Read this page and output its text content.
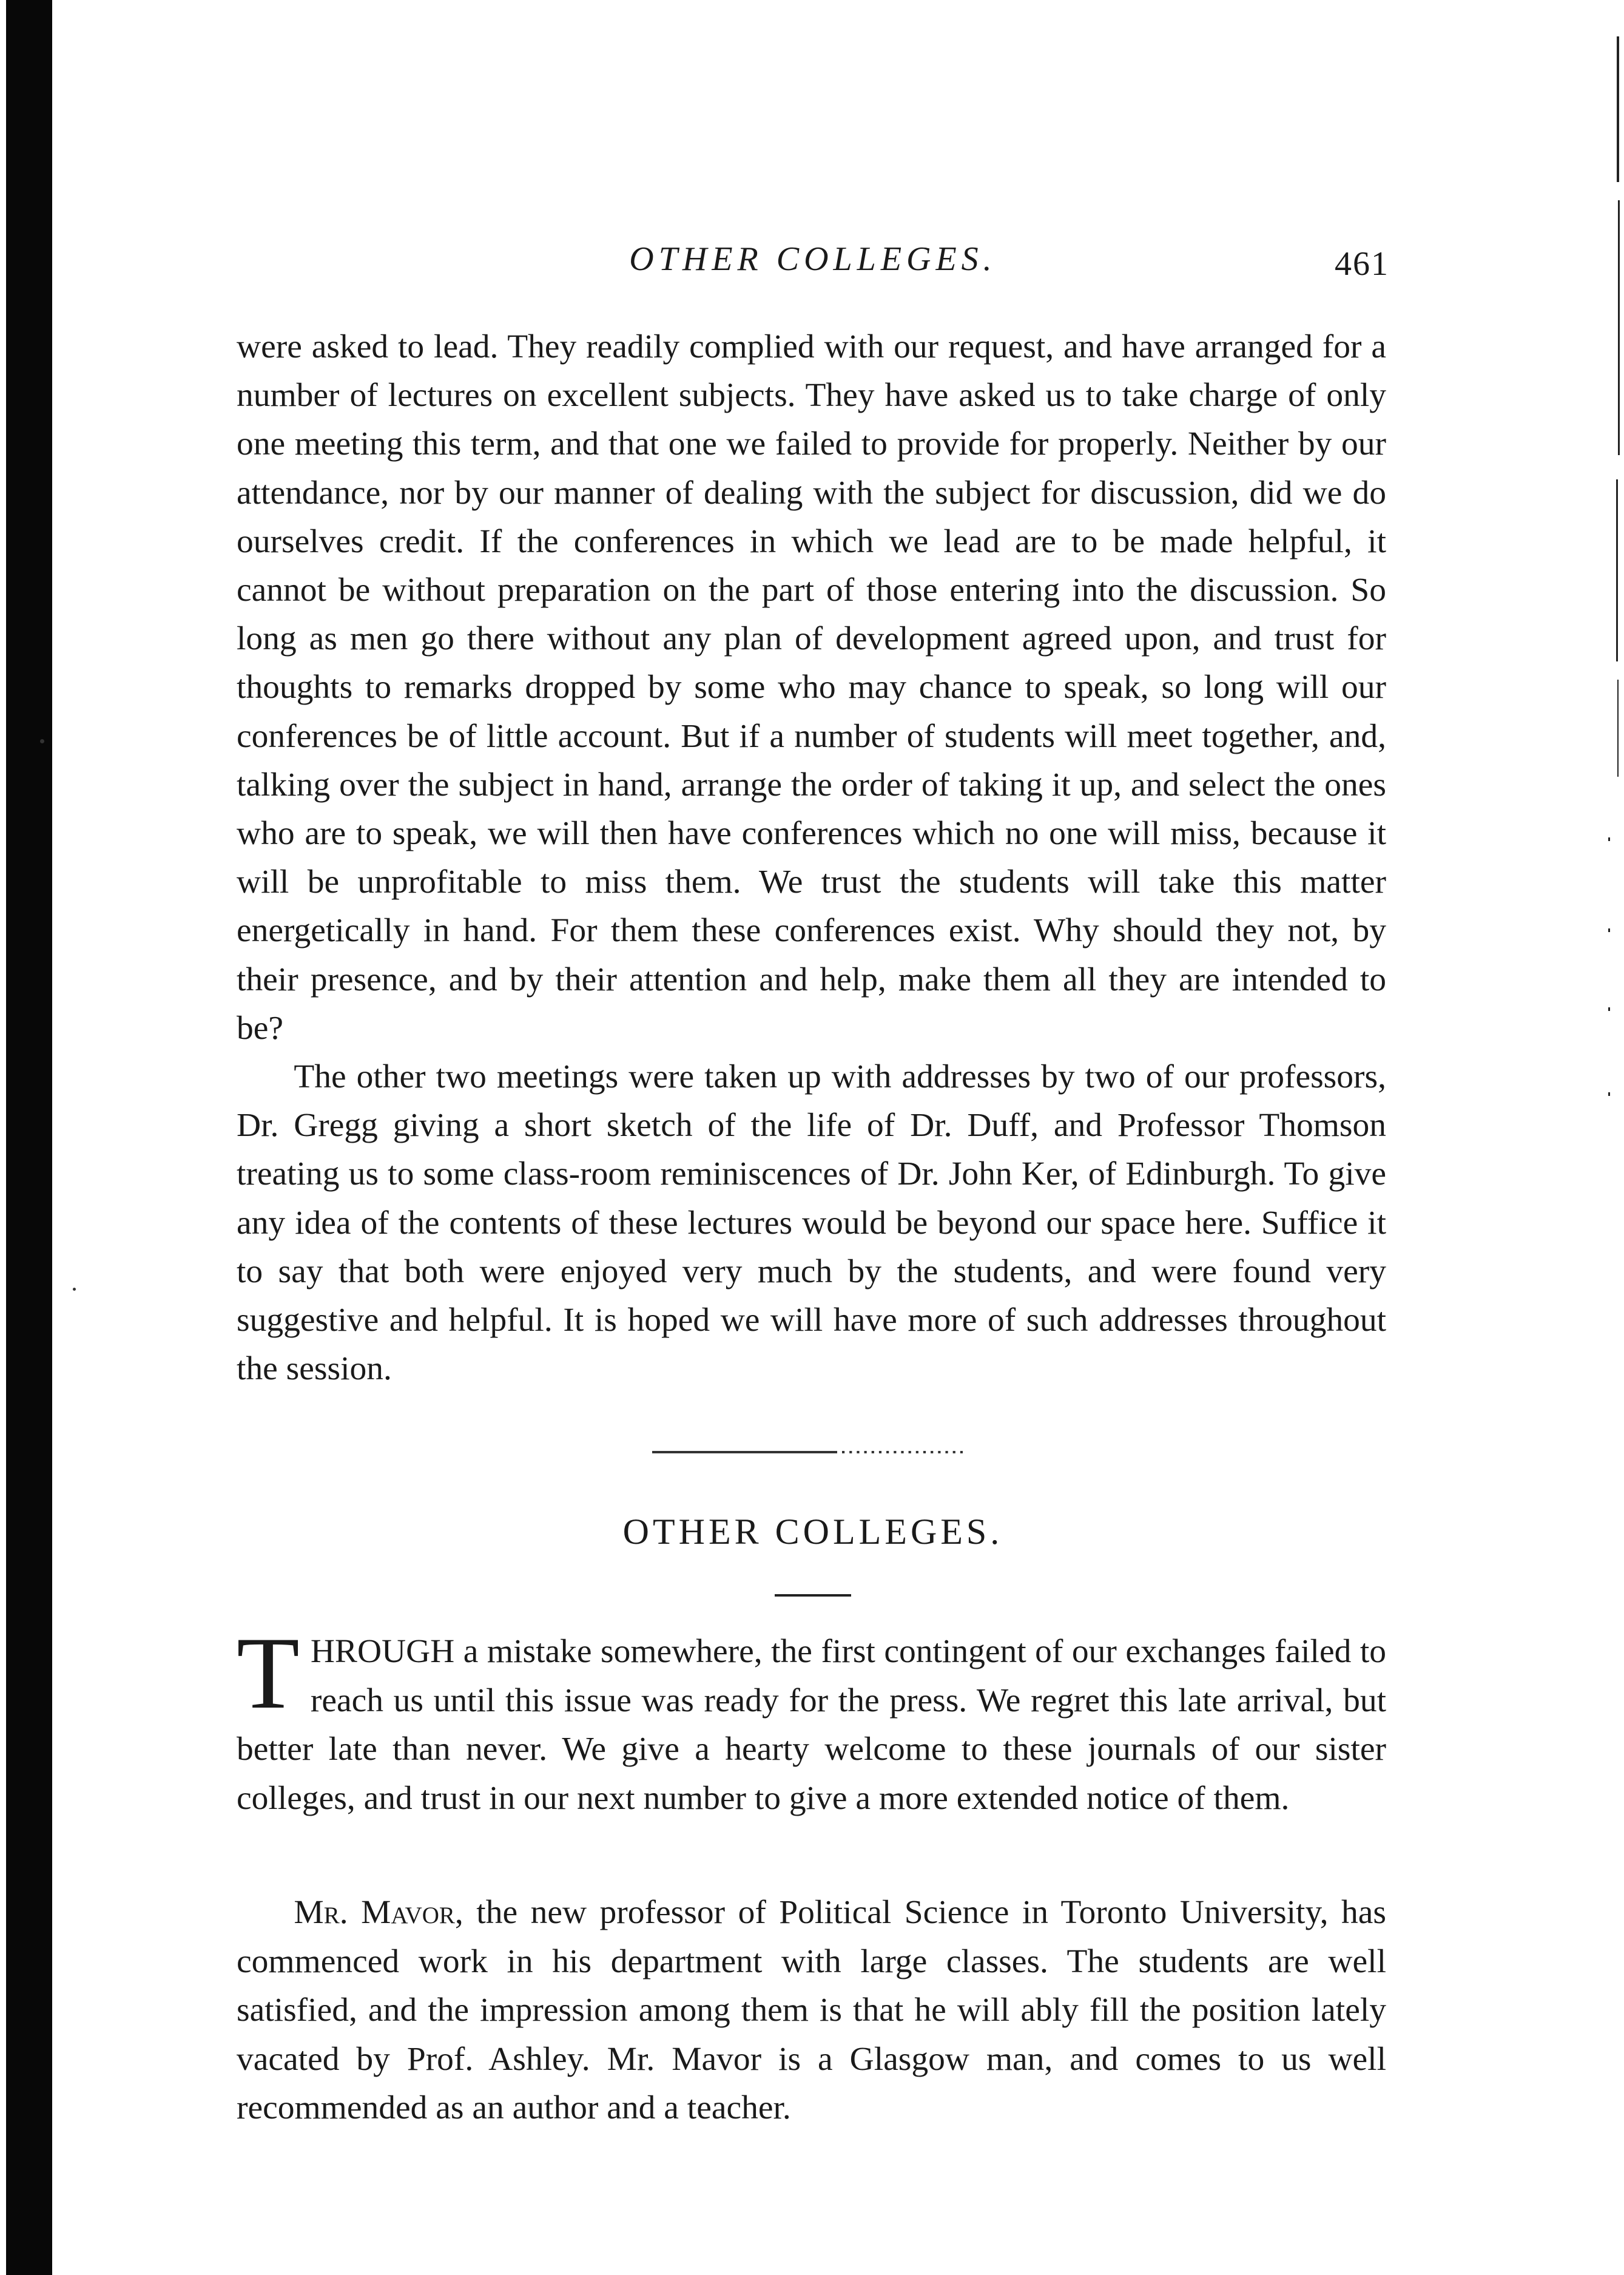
OTHER COLLEGES.	461

were asked to lead. They readily complied with our request, and have arranged for a number of lectures on excellent subjects. They have asked us to take charge of only one meeting this term, and that one we failed to provide for properly. Neither by our attendance, nor by our manner of dealing with the subject for discussion, did we do ourselves credit. If the conferences in which we lead are to be made helpful, it cannot be without preparation on the part of those entering into the discussion. So long as men go there without any plan of development agreed upon, and trust for thoughts to remarks dropped by some who may chance to speak, so long will our conferences be of little account. But if a number of students will meet together, and, talking over the subject in hand, arrange the order of taking it up, and select the ones who are to speak, we will then have conferences which no one will miss, because it will be unprofitable to miss them. We trust the students will take this matter energetically in hand. For them these conferences exist. Why should they not, by their presence, and by their attention and help, make them all they are intended to be?

The other two meetings were taken up with addresses by two of our professors, Dr. Gregg giving a short sketch of the life of Dr. Duff, and Professor Thomson treating us to some class-room reminiscences of Dr. John Ker, of Edinburgh. To give any idea of the contents of these lectures would be beyond our space here. Suffice it to say that both were enjoyed very much by the students, and were found very suggestive and helpful. It is hoped we will have more of such addresses throughout the session.

OTHER COLLEGES.

THROUGH a mistake somewhere, the first contingent of our exchanges failed to reach us until this issue was ready for the press. We regret this late arrival, but better late than never. We give a hearty welcome to these journals of our sister colleges, and trust in our next number to give a more extended notice of them.

Mr. Mavor, the new professor of Political Science in Toronto University, has commenced work in his department with large classes. The students are well satisfied, and the impression among them is that he will ably fill the position lately vacated by Prof. Ashley. Mr. Mavor is a Glasgow man, and comes to us well recommended as an author and a teacher.
